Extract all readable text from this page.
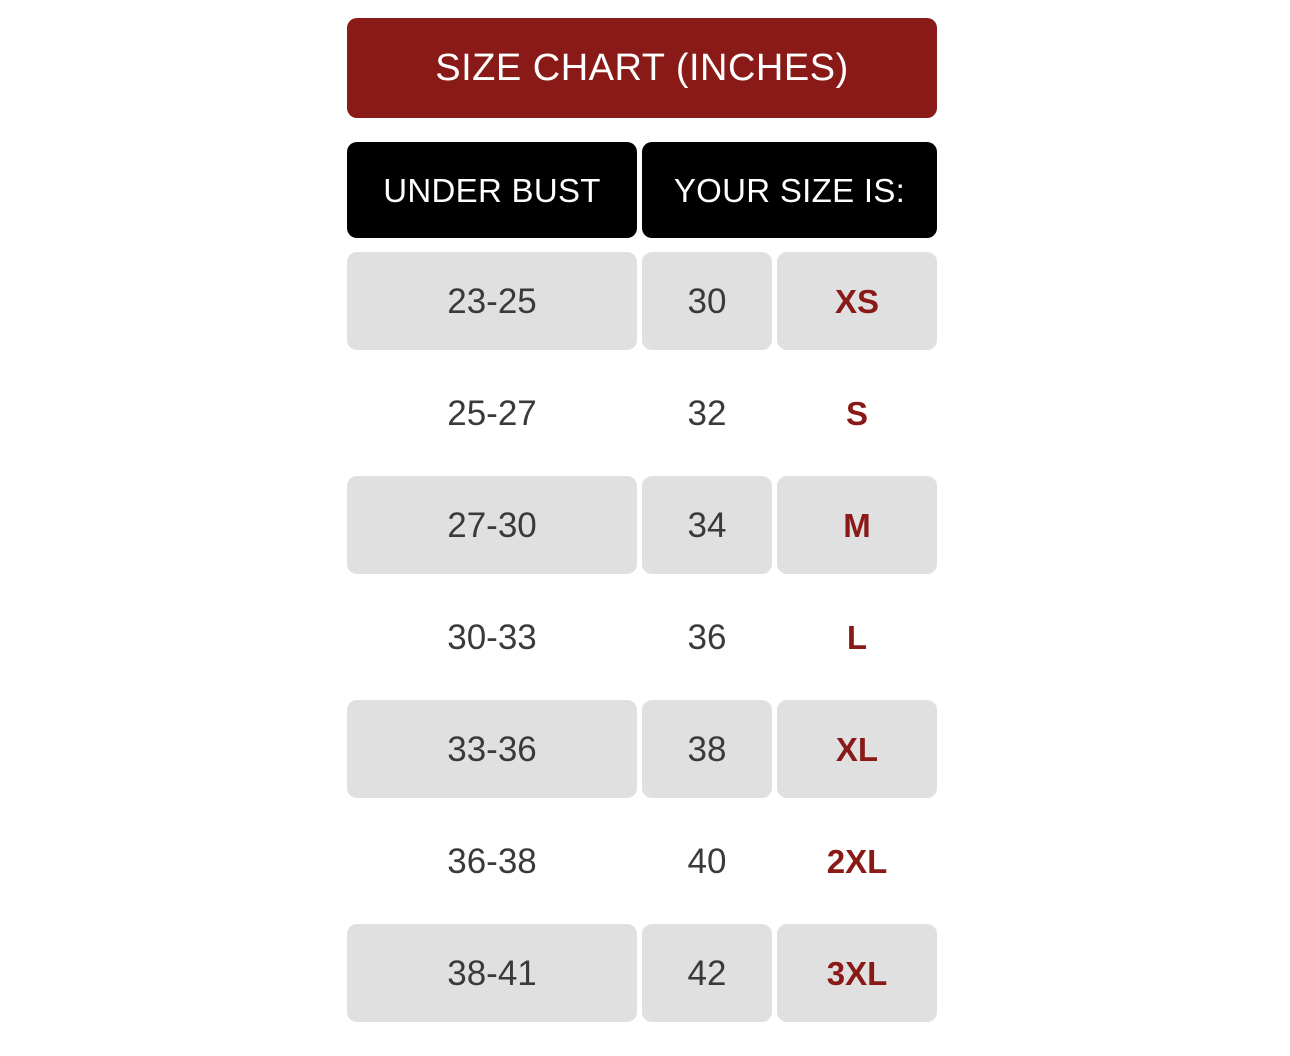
SIZE CHART (INCHES)
UNDER BUST YOUR SIZE IS:
23-25	30	XS
25-27	32	S
27-30	34	M
30-33	36	L
33-36	38	XL
36-38	40	2XL
38-41	42	3XL
